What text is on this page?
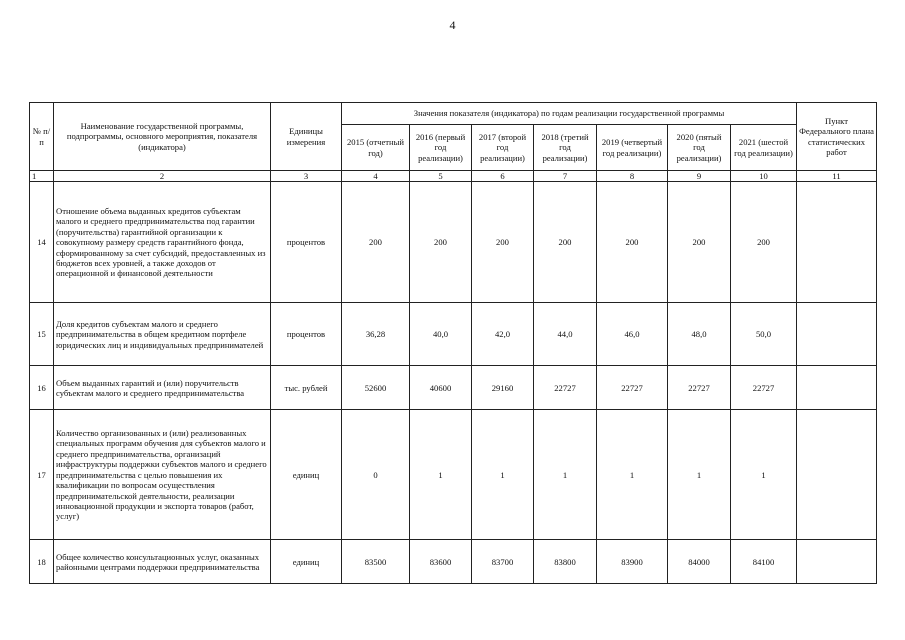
4
№ п/п	Наименование государственной программы, подпрограммы, основного мероприятия, показателя (индикатора)	Единицы измерения	Значения показателя (индикатора) по годам реализации государственной программы							Пункт Федерального плана статистических работ
			2015 (отчетный год)	2016 (первый год реализации)	2017 (второй год реализации)	2018 (третий год реализации)	2019 (четвертый год реализации)	2020 (пятый год реализации)	2021 (шестой год реализации)	
1	2	3	4	5	6	7	8	9	10	11
14	Отношение объема выданных кредитов субъектам малого и среднего предпринимательства под гарантии (поручительства) гарантийной организации к совокупному размеру средств гарантийного фонда, сформированному за счет субсидий, предоставленных из бюджетов всех уровней, а также доходов от операционной и финансовой деятельности	процентов	200	200	200	200	200	200	200	
15	Доля кредитов субъектам малого и среднего предпринимательства в общем кредитном портфеле юридических лиц и индивидуальных предпринимателей	процентов	36,28	40,0	42,0	44,0	46,0	48,0	50,0	
16	Объем выданных гарантий и (или) поручительств субъектам малого и среднего предпринимательства	тыс. рублей	52600	40600	29160	22727	22727	22727	22727	
17	Количество организованных и (или) реализованных специальных программ обучения для субъектов малого и среднего предпринимательства, организаций инфраструктуры поддержки субъектов малого и среднего предпринимательства с целью повышения их квалификации по вопросам осуществления предпринимательской деятельности, реализации инновационной продукции и экспорта товаров (работ, услуг)	единиц	0	1	1	1	1	1	1	
18	Общее количество консультационных услуг, оказанных районными центрами поддержки предпринимательства	единиц	83500	83600	83700	83800	83900	84000	84100	
